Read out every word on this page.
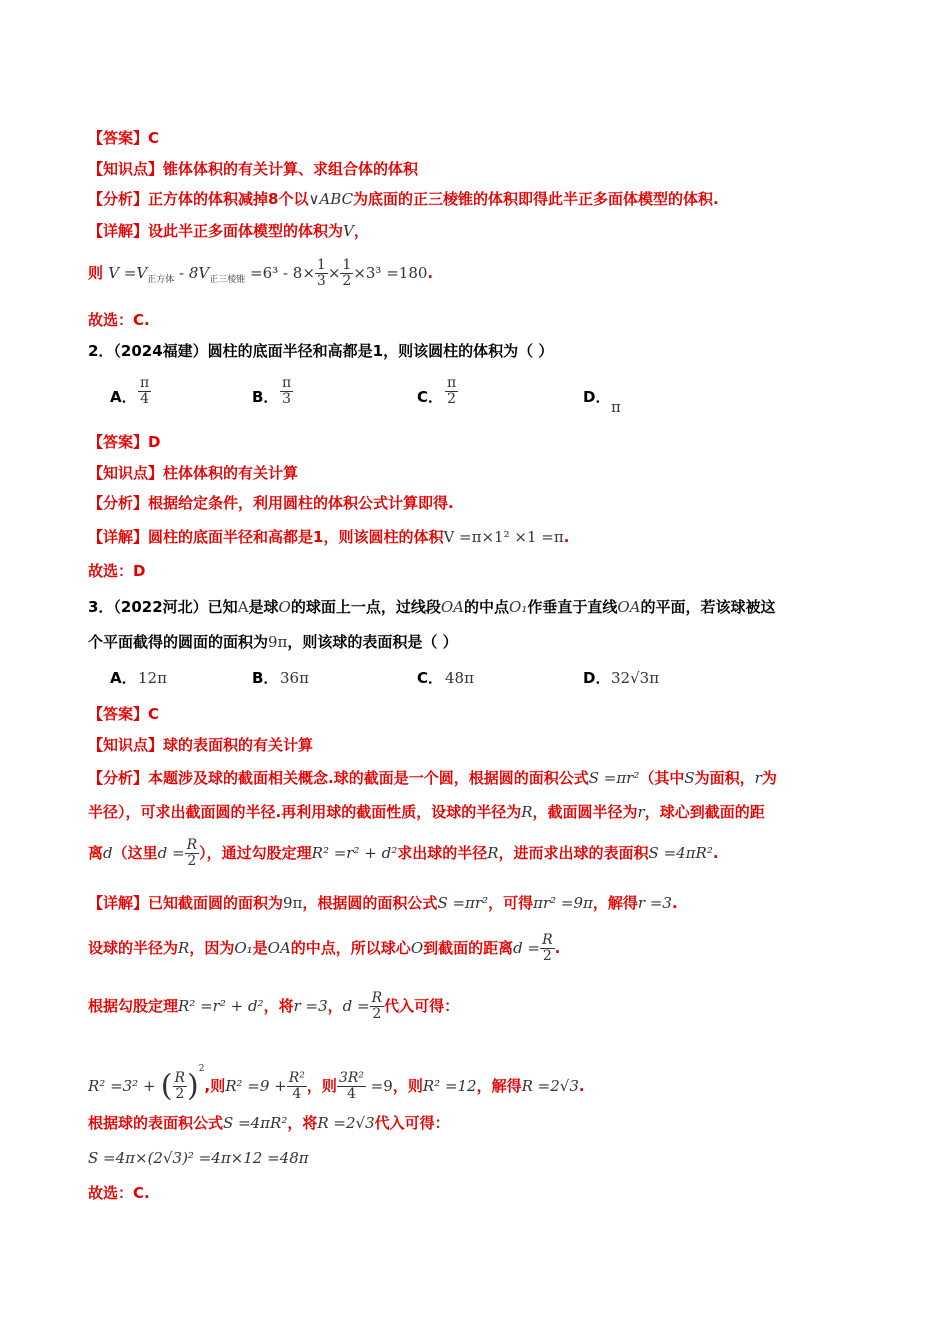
【答案】C
【知识点】锥体体积的有关计算、求组合体的体积
【分析】正方体的体积减掉8个以∨ABC为底面的正三棱锥的体积即得此半正多面体模型的体积.
【详解】设此半正多面体模型的体积为V，
则 $V =V_{正方体} - 8V_{正三棱锥} =6^3 - 8\times \frac{1}{3} \times \frac{1}{2} \times 3^3 =180$.
故选：C.
2．（2024福建）圆柱的底面半径和高都是1，则该圆柱的体积为（ ）
A． $\frac{\pi}{4}$	B． $\frac{\pi}{3}$	C． $\frac{\pi}{2}$	D．
π
【答案】D
【知识点】柱体体积的有关计算
【分析】根据给定条件，利用圆柱的体积公式计算即得.
【详解】圆柱的底面半径和高都是1，则该圆柱的体积V =π×1² ×1 =π.
故选：D
3．（2022河北）已知A是球O的球面上一点，过线段OA的中点O₁作垂直于直线OA的平面，若该球被这
个平面截得的圆面的面积为9π，则该球的表面积是（ ）
A． 12π	B． 36π	C． 48π	D． 32√3π
【答案】C
【知识点】球的表面积的有关计算
【分析】本题涉及球的截面相关概念.球的截面是一个圆，根据圆的面积公式S =πr²（其中S为面积，r为
半径），可求出截面圆的半径.再利用球的截面性质，设球的半径为R，截面圆半径为r，球心到截面的距
离d（这里$d = \frac{R}{2}$ ），通过勾股定理R² =r² + d²求出球的半径R，进而求出球的表面积S =4πR².
【详解】已知截面圆的面积为9π，根据圆的面积公式S =πr²，可得πr² =9π，解得r =3.
设球的半径为R，因为O₁是OA的中点，所以球心O到截面的距离$d = \frac{R}{2}$ .
根据勾股定理R² =r² + d²，将r =3，$d = \frac{R}{2}$ 代入可得：
R² =3² + ( $\frac{R}{2} )^2$,则$R^2 =9 + \frac{\text{R²}}{4}$ ，则 $\frac{\text{3R²}}{4} =9$，则R² =12，解得R =2√3.
根据球的表面积公式S =4πR²，将R =2√3代入可得：
S =4π×(2√3)² =4π×12 =48π
故选：C.
